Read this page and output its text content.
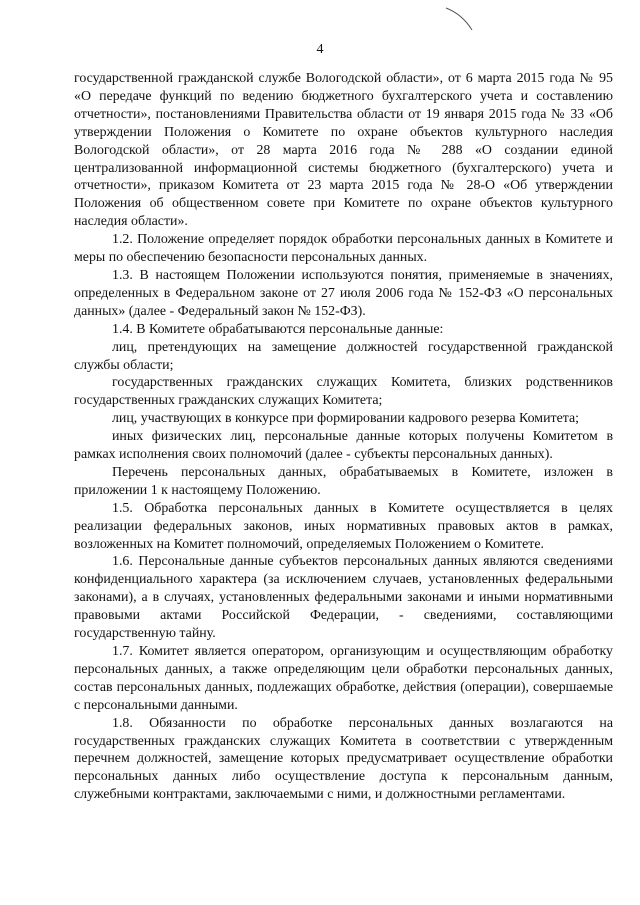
4

государственной гражданской службе Вологодской области», от 6 марта 2015 года № 95 «О передаче функций по ведению бюджетного бухгалтерского учета и составлению отчетности», постановлениями Правительства области от 19 января 2015 года № 33 «Об утверждении Положения о Комитете по охране объектов культурного наследия Вологодской области», от 28 марта 2016 года № 288 «О создании единой централизованной информационной системы бюджетного (бухгалтерского) учета и отчетности», приказом Комитета от 23 марта 2015 года № 28-О «Об утверждении Положения об общественном совете при Комитете по охране объектов культурного наследия области».

1.2. Положение определяет порядок обработки персональных данных в Комитете и меры по обеспечению безопасности персональных данных.

1.3. В настоящем Положении используются понятия, применяемые в значениях, определенных в Федеральном законе от 27 июля 2006 года № 152-ФЗ «О персональных данных» (далее - Федеральный закон № 152-ФЗ).

1.4. В Комитете обрабатываются персональные данные:

лиц, претендующих на замещение должностей государственной гражданской службы области;

государственных гражданских служащих Комитета, близких родственников государственных гражданских служащих Комитета;

лиц, участвующих в конкурсе при формировании кадрового резерва Комитета;

иных физических лиц, персональные данные которых получены Комитетом в рамках исполнения своих полномочий (далее - субъекты персональных данных).

Перечень персональных данных, обрабатываемых в Комитете, изложен в приложении 1 к настоящему Положению.

1.5. Обработка персональных данных в Комитете осуществляется в целях реализации федеральных законов, иных нормативных правовых актов в рамках, возложенных на Комитет полномочий, определяемых Положением о Комитете.

1.6. Персональные данные субъектов персональных данных являются сведениями конфиденциального характера (за исключением случаев, установленных федеральными законами), а в случаях, установленных федеральными законами и иными нормативными правовыми актами Российской Федерации, - сведениями, составляющими государственную тайну.

1.7. Комитет является оператором, организующим и осуществляющим обработку персональных данных, а также определяющим цели обработки персональных данных, состав персональных данных, подлежащих обработке, действия (операции), совершаемые с персональными данными.

1.8. Обязанности по обработке персональных данных возлагаются на государственных гражданских служащих Комитета в соответствии с утвержденным перечнем должностей, замещение которых предусматривает осуществление обработки персональных данных либо осуществление доступа к персональным данным, служебными контрактами, заключаемыми с ними, и должностными регламентами.
